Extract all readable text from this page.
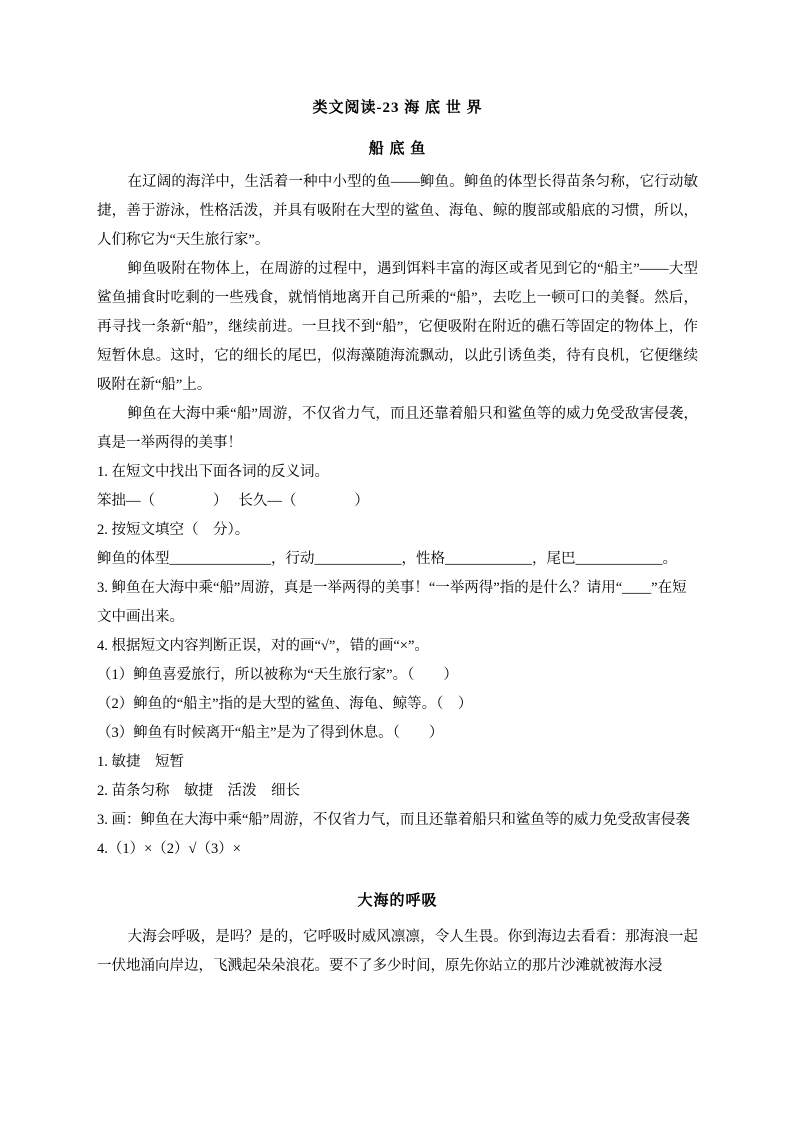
类文阅读-23 海 底 世 界
船 底 鱼

在辽阔的海洋中，生活着一种中小型的鱼——䲟鱼。䲟鱼的体型长得苗条匀称，它行动敏捷，善于游泳，性格活泼，并具有吸附在大型的鲨鱼、海龟、鲸的腹部或船底的习惯，所以，人们称它为“天生旅行家”。

䲟鱼吸附在物体上，在周游的过程中，遇到饵料丰富的海区或者见到它的“船主”——大型鲨鱼捕食时吃剩的一些残食，就悄悄地离开自己所乘的“船”，去吃上一顿可口的美餐。然后，再寻找一条新“船”，继续前进。一旦找不到“船”，它便吸附在附近的礁石等固定的物体上，作短暂休息。这时，它的细长的尾巴，似海藻随海流飘动，以此引诱鱼类，待有良机，它便继续吸附在新“船”上。

䲟鱼在大海中乘“船”周游，不仅省力气，而且还靠着船只和鲨鱼等的威力免受敌害侵袭，真是一举两得的美事！

1. 在短文中找出下面各词的反义词。

笨拙—（　　　　）　 长久—（　　　　）

2. 按短文填空（　分）。

䲟鱼的体型______________，行动____________，性格____________，尾巴____________。

3. 䲟鱼在大海中乘“船”周游，真是一举两得的美事！“一举两得”指的是什么？请用“____”在短文中画出来。

4. 根据短文内容判断正误，对的画“√”，错的画“×”。

（1）䲟鱼喜爱旅行，所以被称为“天生旅行家”。（　　）

（2）䲟鱼的“船主”指的是大型的鲨鱼、海龟、鲸等。（　）

（3）䲟鱼有时候离开“船主”是为了得到休息。（　　）

1. 敏捷　短暂

2. 苗条匀称　敏捷　活泼　细长

3. 画：䲟鱼在大海中乘“船”周游，不仅省力气，而且还靠着船只和鲨鱼等的威力免受敌害侵袭

4.（1）×（2）√（3）×

大海的呼吸

大海会呼吸，是吗？是的，它呼吸时威风凛凛，令人生畏。你到海边去看看：那海浪一起一伏地涌向岸边，飞溅起朵朵浪花。要不了多少时间，原先你站立的那片沙滩就被海水浸
